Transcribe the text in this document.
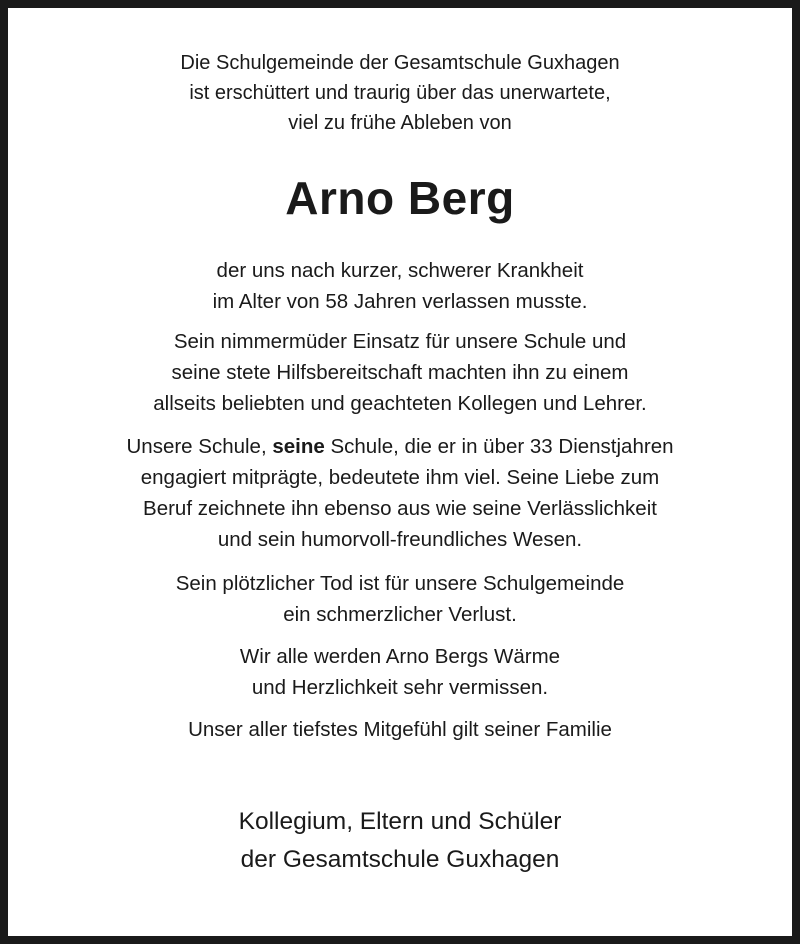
Die Schulgemeinde der Gesamtschule Guxhagen
ist erschüttert und traurig über das unerwartete,
viel zu frühe Ableben von
Arno Berg
der uns nach kurzer, schwerer Krankheit
im Alter von 58 Jahren verlassen musste.
Sein nimmermüder Einsatz für unsere Schule und
seine stete Hilfsbereitschaft machten ihn zu einem
allseits beliebten und geachteten Kollegen und Lehrer.
Unsere Schule, seine Schule, die er in über 33 Dienstjahren
engagiert mitprägte, bedeutete ihm viel. Seine Liebe zum
Beruf zeichnete ihn ebenso aus wie seine Verlässlichkeit
und sein humorvoll-freundliches Wesen.
Sein plötzlicher Tod ist für unsere Schulgemeinde
ein schmerzlicher Verlust.
Wir alle werden Arno Bergs Wärme
und Herzlichkeit sehr vermissen.
Unser aller tiefstes Mitgefühl gilt seiner Familie
Kollegium, Eltern und Schüler
der Gesamtschule Guxhagen
